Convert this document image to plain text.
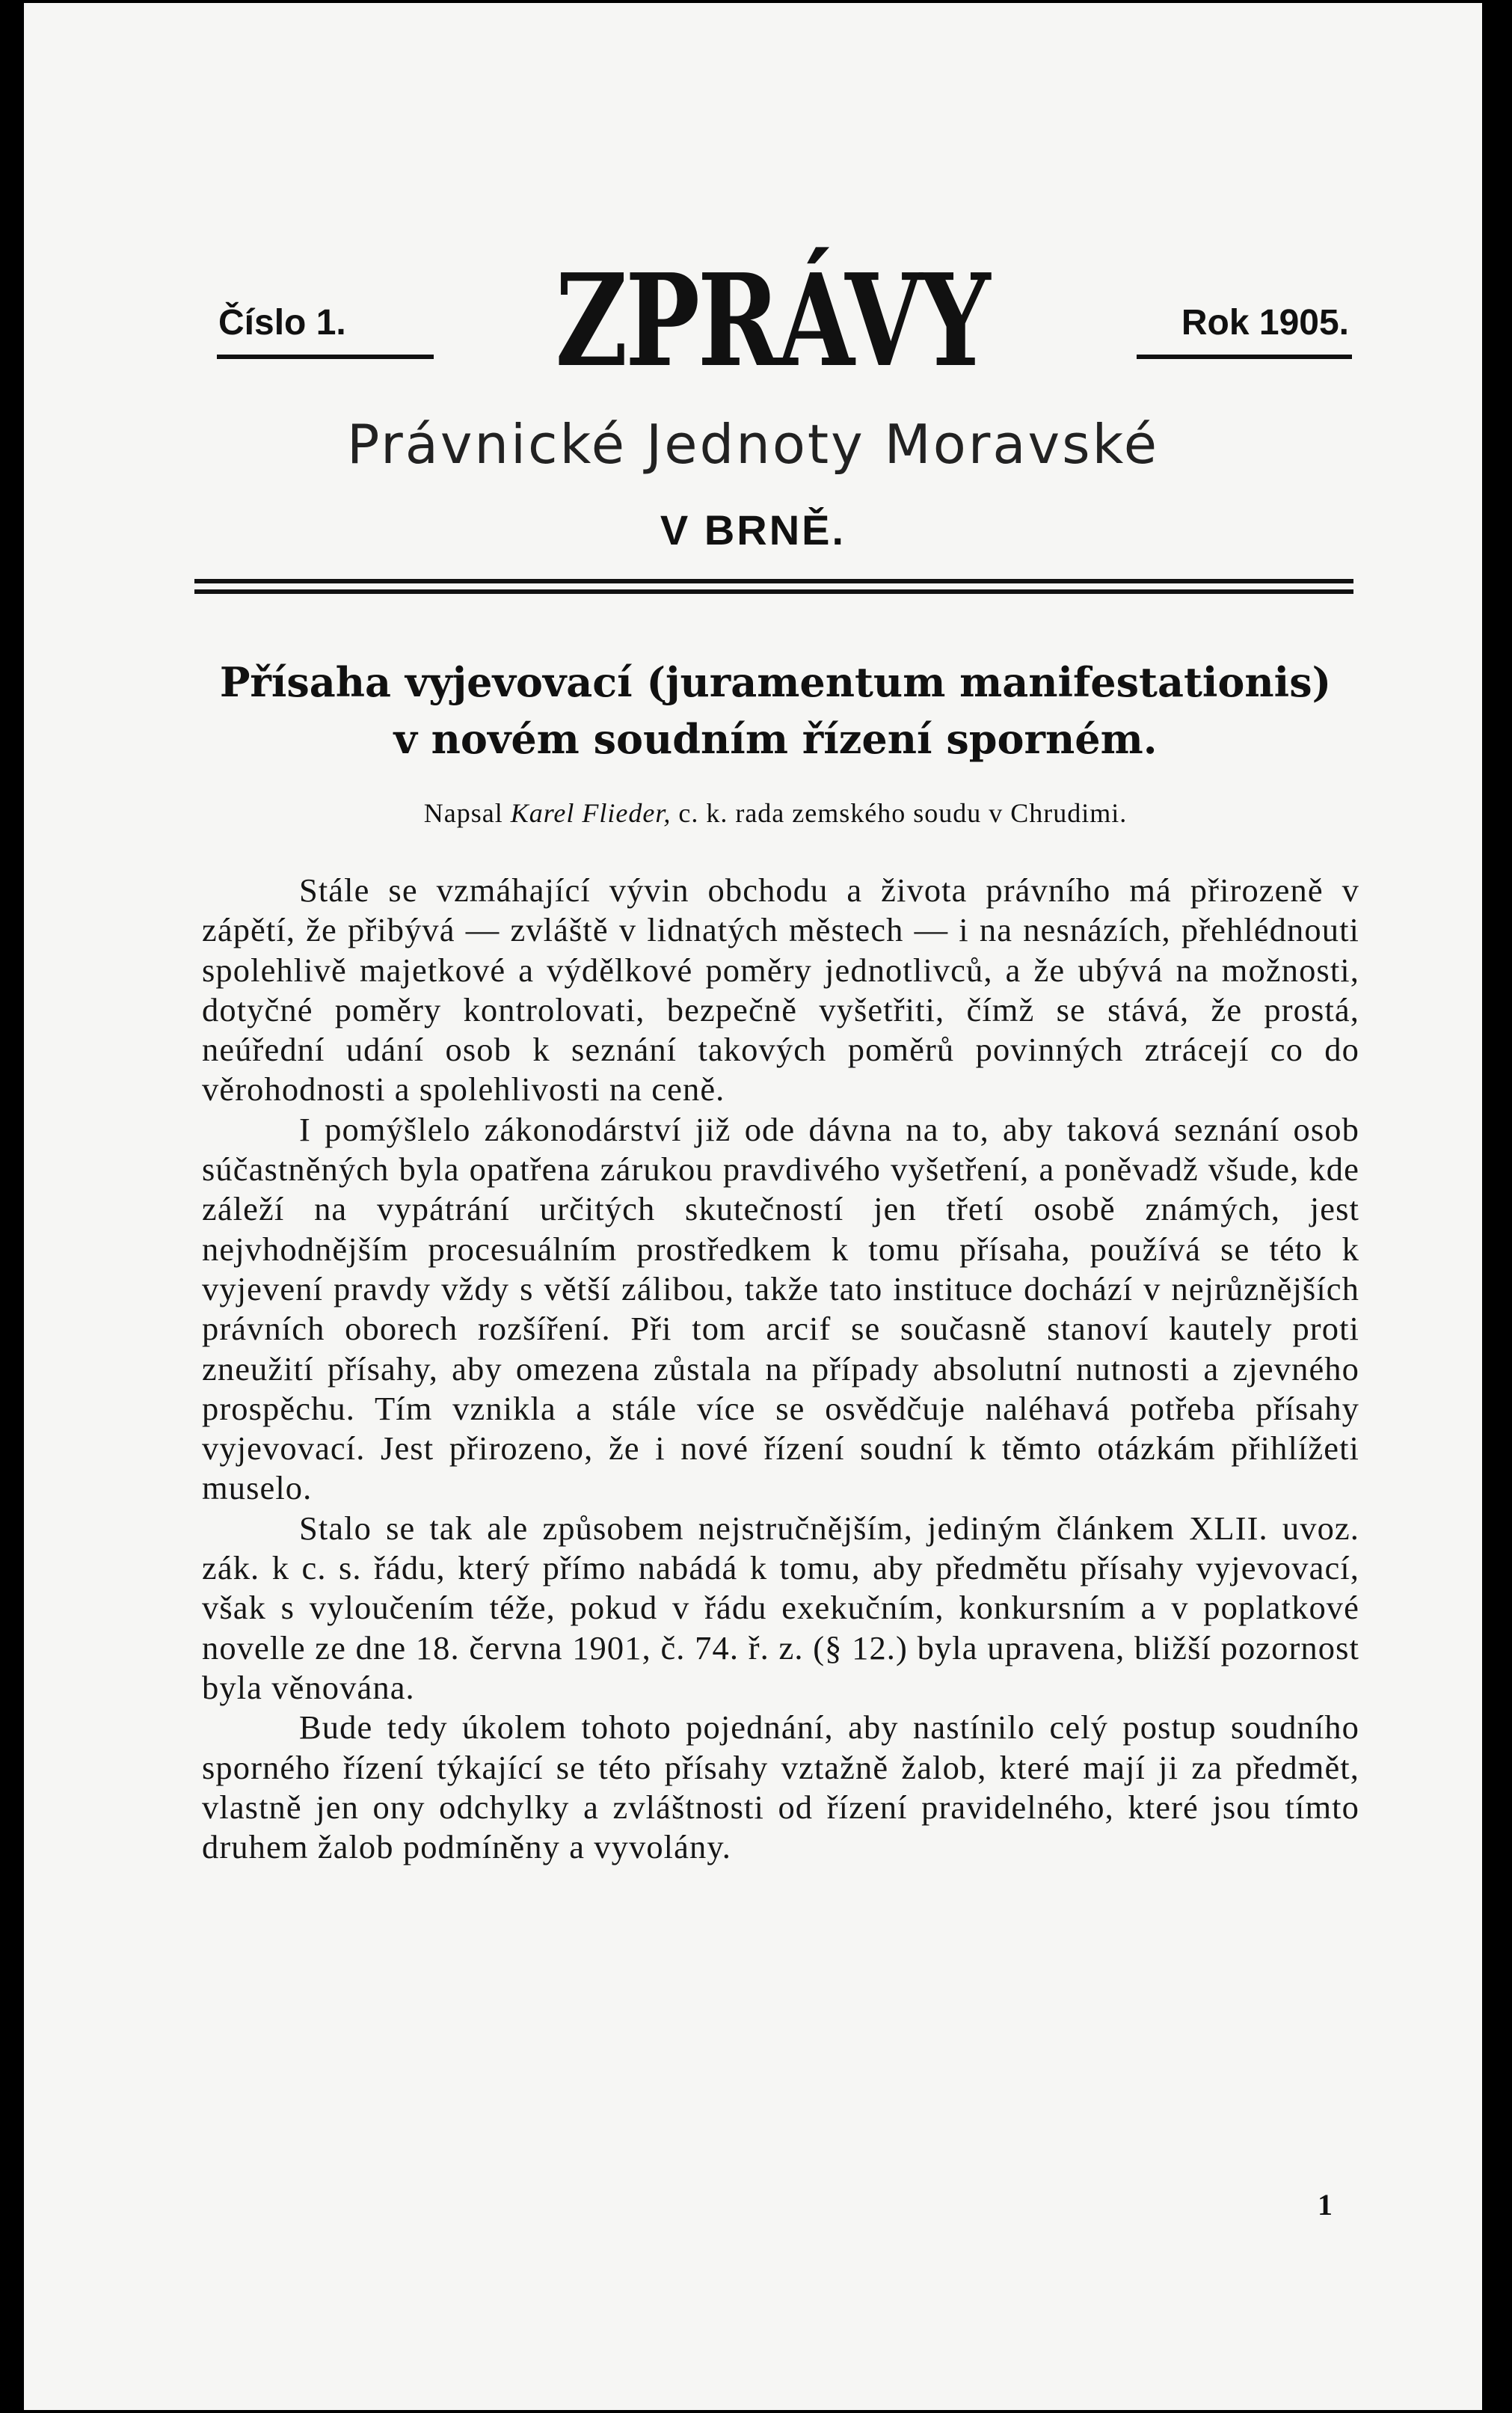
Číslo 1.	ZPRÁVY	Rok 1905.
Právnické Jednoty Moravské
V BRNĚ.
Přísaha vyjevovací (juramentum manifestationis)
v novém soudním řízení sporném.
Napsal Karel Flieder, c. k. rada zemského soudu v Chrudimi.

Stále se vzmáhající vývin obchodu a života právního má přirozeně v zápětí, že přibývá — zvláště v lidnatých městech — i na nesnázích, přehlédnouti spolehlivě majetkové a výdělkové poměry jednotlivců, a že ubývá na možnosti, dotyčné poměry kontrolovati, bezpečně vyšetřiti, čímž se stává, že prostá, neúřední udání osob k seznání takových poměrů povinných ztrácejí co do věrohodnosti a spolehlivosti na ceně.

I pomýšlelo zákonodárství již ode dávna na to, aby taková seznání osob súčastněných byla opatřena zárukou pravdivého vyšetření, a poněvadž všude, kde záleží na vypátrání určitých skutečností jen třetí osobě známých, jest nejvhodnějším procesuálním prostředkem k tomu přísaha, používá se této k vyjevení pravdy vždy s větší zálibou, takže tato instituce dochází v nejrůznějších právních oborech rozšíření. Při tom arcif se současně stanoví kautely proti zneužití přísahy, aby omezena zůstala na případy absolutní nutnosti a zjevného prospěchu. Tím vznikla a stále více se osvědčuje naléhavá potřeba přísahy vyjevovací. Jest přirozeno, že i nové řízení soudní k těmto otázkám přihlížeti muselo.

Stalo se tak ale způsobem nejstručnějším, jediným článkem XLII. uvoz. zák. k c. s. řádu, který přímo nabádá k tomu, aby předmětu přísahy vyjevovací, však s vyloučením téže, pokud v řádu exekučním, konkursním a v poplatkové novelle ze dne 18. června 1901, č. 74. ř. z. (§ 12.) byla upravena, bližší pozornost byla věnována.

Bude tedy úkolem tohoto pojednání, aby nastínilo celý postup soudního sporného řízení týkající se této přísahy vztažně žalob, které mají ji za předmět, vlastně jen ony odchylky a zvláštnosti od řízení pravidelného, které jsou tímto druhem žalob podmíněny a vyvolány.

1
